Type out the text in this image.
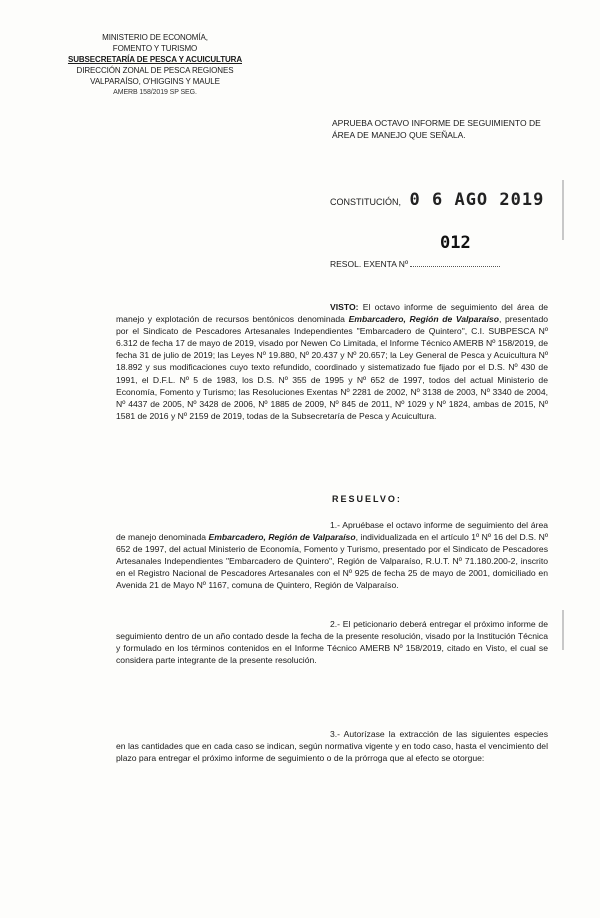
MINISTERIO DE ECONOMÍA,
FOMENTO Y TURISMO
SUBSECRETARÍA DE PESCA Y ACUICULTURA
DIRECCIÓN ZONAL DE PESCA REGIONES
VALPARAÍSO, O'HIGGINS Y MAULE
AMERB 158/2019 SP SEG.
APRUEBA OCTAVO INFORME DE SEGUIMIENTO DE
ÁREA DE MANEJO QUE SEÑALA.
CONSTITUCIÓN, 0 6 AGO 2019
012
RESOL. EXENTA Nº

VISTO: El octavo informe de seguimiento del área de manejo y explotación de recursos bentónicos denominada Embarcadero, Región de Valparaíso, presentado por el Sindicato de Pescadores Artesanales Independientes "Embarcadero de Quintero", C.I. SUBPESCA Nº 6.312 de fecha 17 de mayo de 2019, visado por Newen Co Limitada, el Informe Técnico AMERB Nº 158/2019, de fecha 31 de julio de 2019; las Leyes Nº 19.880, Nº 20.437 y Nº 20.657; la Ley General de Pesca y Acuicultura Nº 18.892 y sus modificaciones cuyo texto refundido, coordinado y sistematizado fue fijado por el D.S. Nº 430 de 1991, el D.F.L. Nº 5 de 1983, los D.S. Nº 355 de 1995 y Nº 652 de 1997, todos del actual Ministerio de Economía, Fomento y Turismo; las Resoluciones Exentas Nº 2281 de 2002, Nº 3138 de 2003, Nº 3340 de 2004, Nº 4437 de 2005, Nº 3428 de 2006, Nº 1885 de 2009, Nº 845 de 2011, Nº 1029 y Nº 1824, ambas de 2015, Nº 1581 de 2016 y Nº 2159 de 2019, todas de la Subsecretaría de Pesca y Acuicultura.

RESUELVO:

1.- Apruébase el octavo informe de seguimiento del área de manejo denominada Embarcadero, Región de Valparaíso, individualizada en el artículo 1º Nº 16 del D.S. Nº 652 de 1997, del actual Ministerio de Economía, Fomento y Turismo, presentado por el Sindicato de Pescadores Artesanales Independientes "Embarcadero de Quintero", Región de Valparaíso, R.U.T. Nº 71.180.200-2, inscrito en el Registro Nacional de Pescadores Artesanales con el Nº 925 de fecha 25 de mayo de 2001, domiciliado en Avenida 21 de Mayo Nº 1167, comuna de Quintero, Región de Valparaíso.

2.- El peticionario deberá entregar el próximo informe de seguimiento dentro de un año contado desde la fecha de la presente resolución, visado por la Institución Técnica y formulado en los términos contenidos en el Informe Técnico AMERB Nº 158/2019, citado en Visto, el cual se considera parte integrante de la presente resolución.

3.- Autorízase la extracción de las siguientes especies en las cantidades que en cada caso se indican, según normativa vigente y en todo caso, hasta el vencimiento del plazo para entregar el próximo informe de seguimiento o de la prórroga que al efecto se otorgue:
